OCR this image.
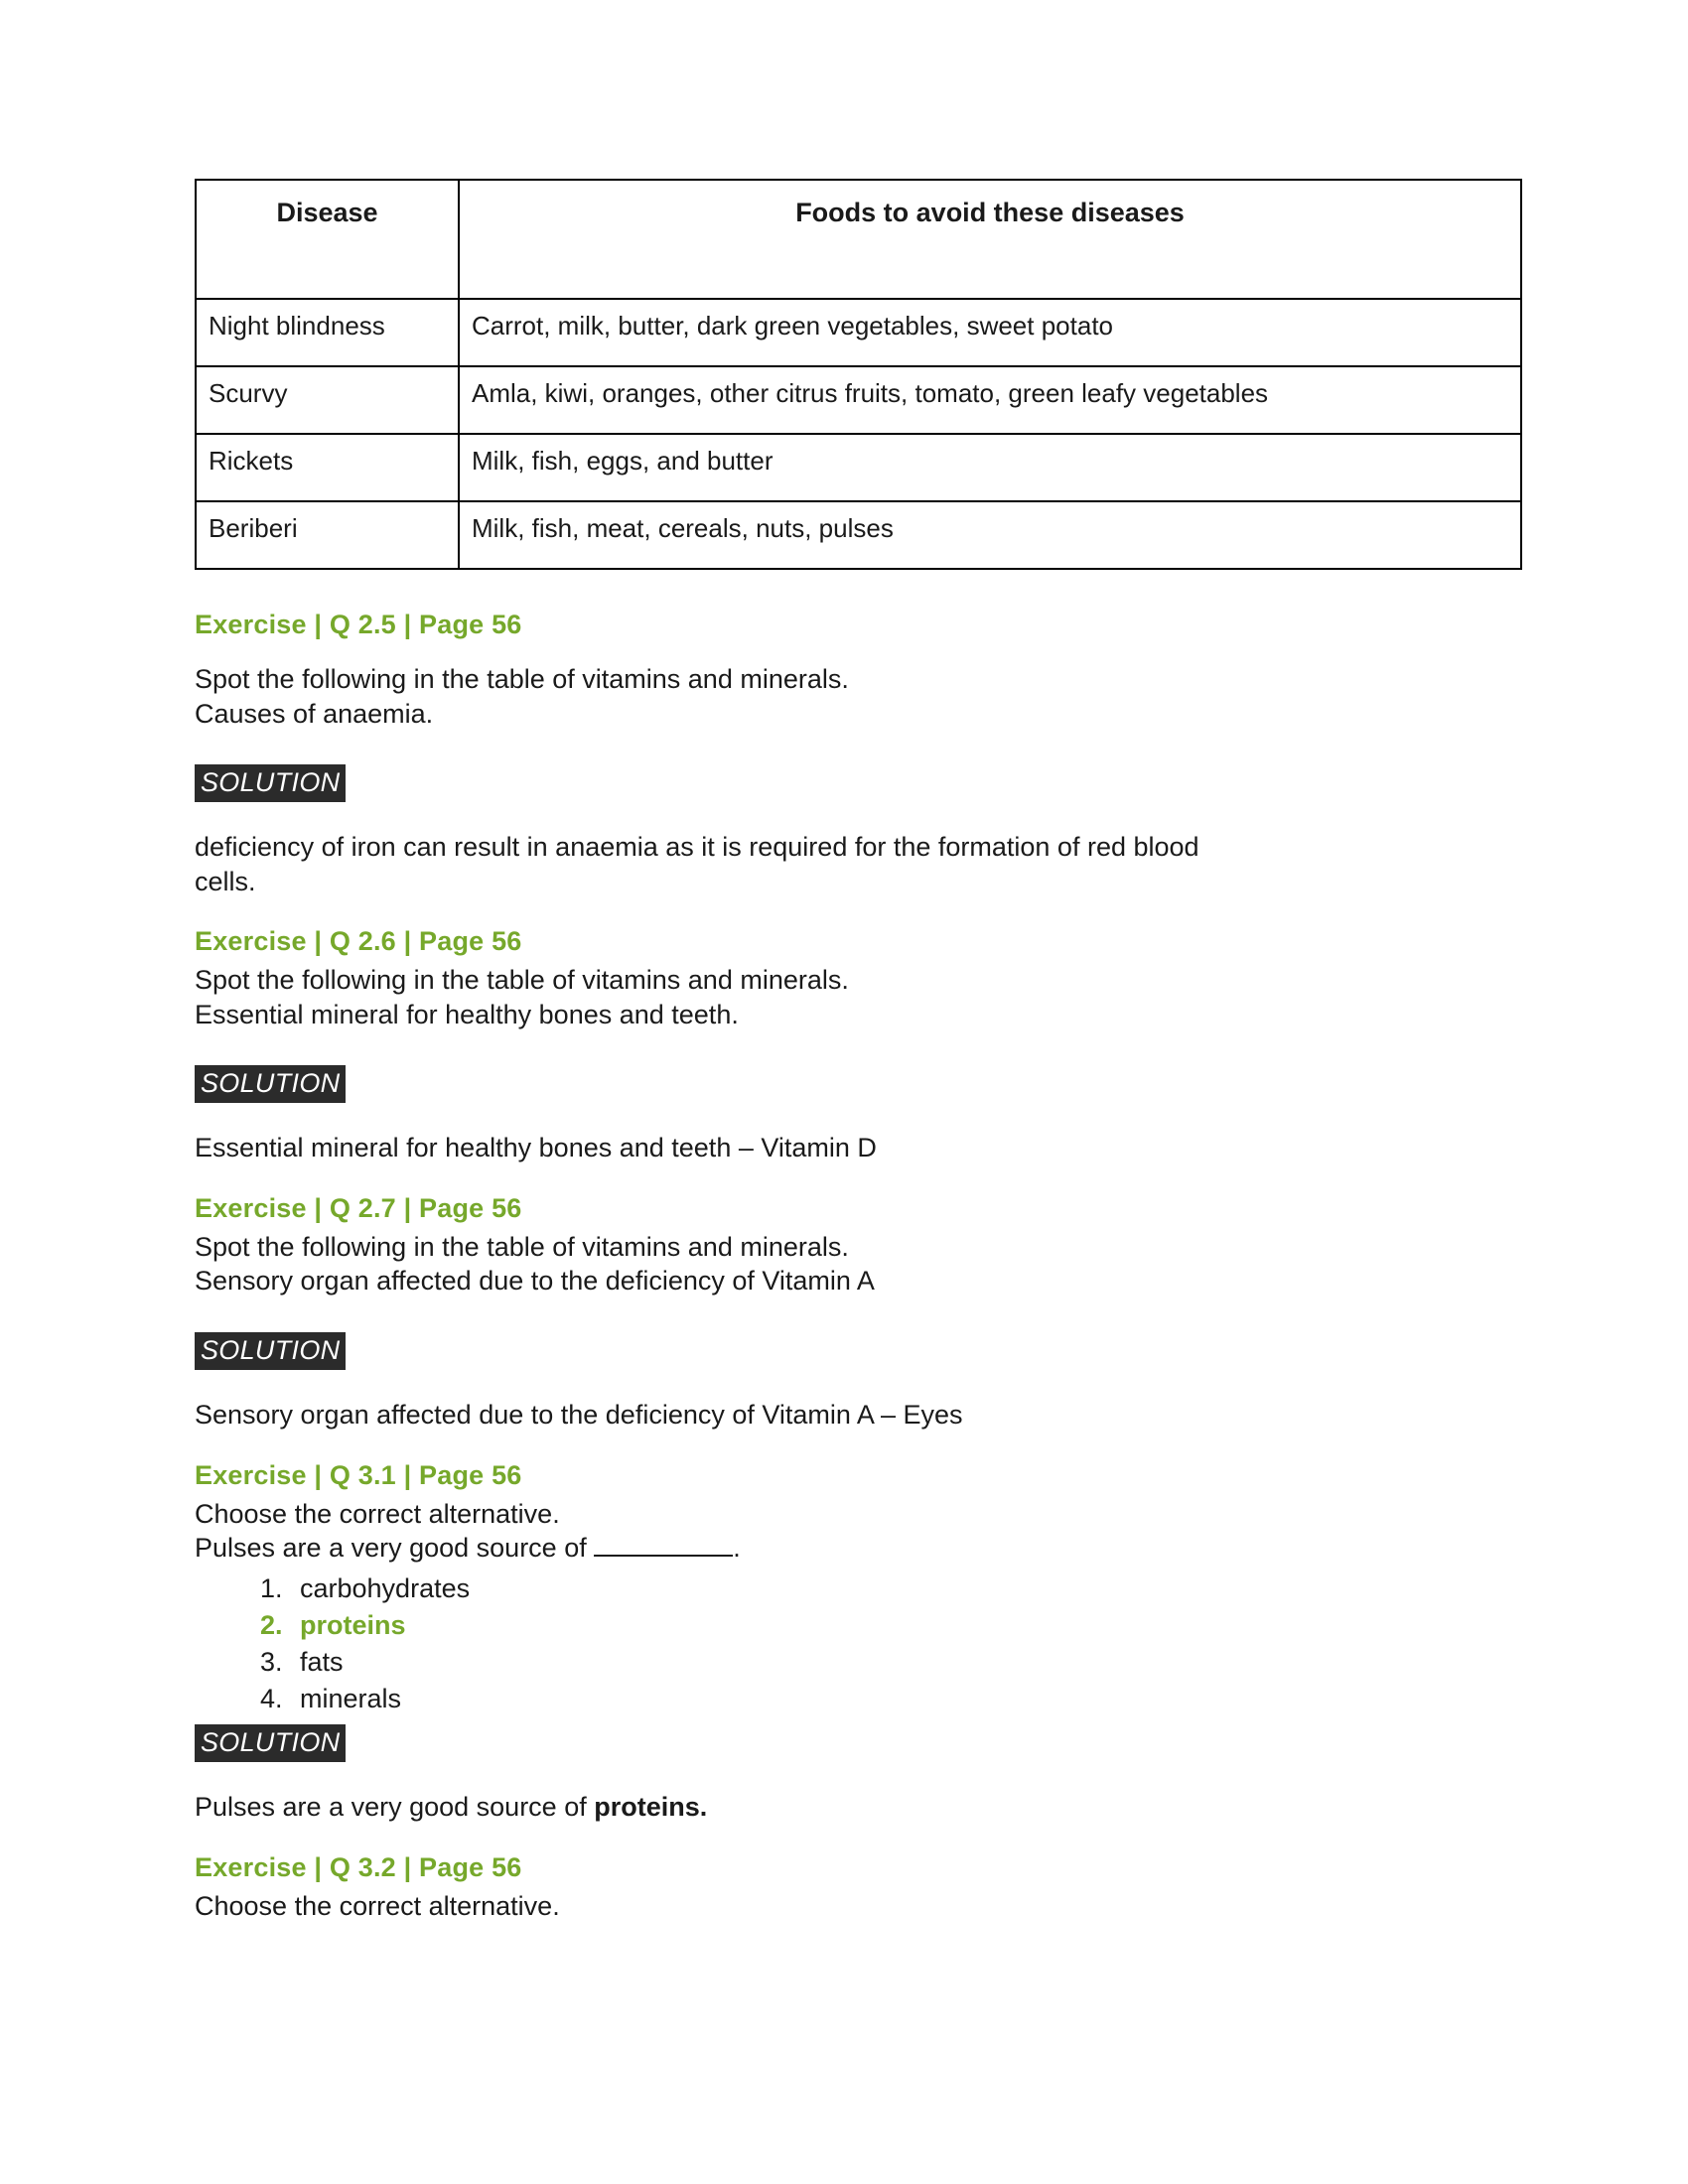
Disease	Foods to avoid these diseases
Night blindness	Carrot, milk, butter, dark green vegetables, sweet potato
Scurvy	Amla, kiwi, oranges, other citrus fruits, tomato, green leafy vegetables
Rickets	Milk, fish, eggs, and butter
Beriberi	Milk, fish, meat, cereals, nuts, pulses

Exercise | Q 2.5 | Page 56

Spot the following in the table of vitamins and minerals.

Causes of anaemia.

SOLUTION

deficiency of iron can result in anaemia as it is required for the formation of red blood

cells.

Exercise | Q 2.6 | Page 56

Spot the following in the table of vitamins and minerals.

Essential mineral for healthy bones and teeth.

SOLUTION

Essential mineral for healthy bones and teeth – Vitamin D

Exercise | Q 2.7 | Page 56

Spot the following in the table of vitamins and minerals.

Sensory organ affected due to the deficiency of Vitamin A

SOLUTION

Sensory organ affected due to the deficiency of Vitamin A – Eyes

Exercise | Q 3.1 | Page 56

Choose the correct alternative.

Pulses are a very good source of	.

1. carbohydrates
2. proteins
3. fats
4. minerals
SOLUTION

Pulses are a very good source of proteins.

Exercise | Q 3.2 | Page 56

Choose the correct alternative.
